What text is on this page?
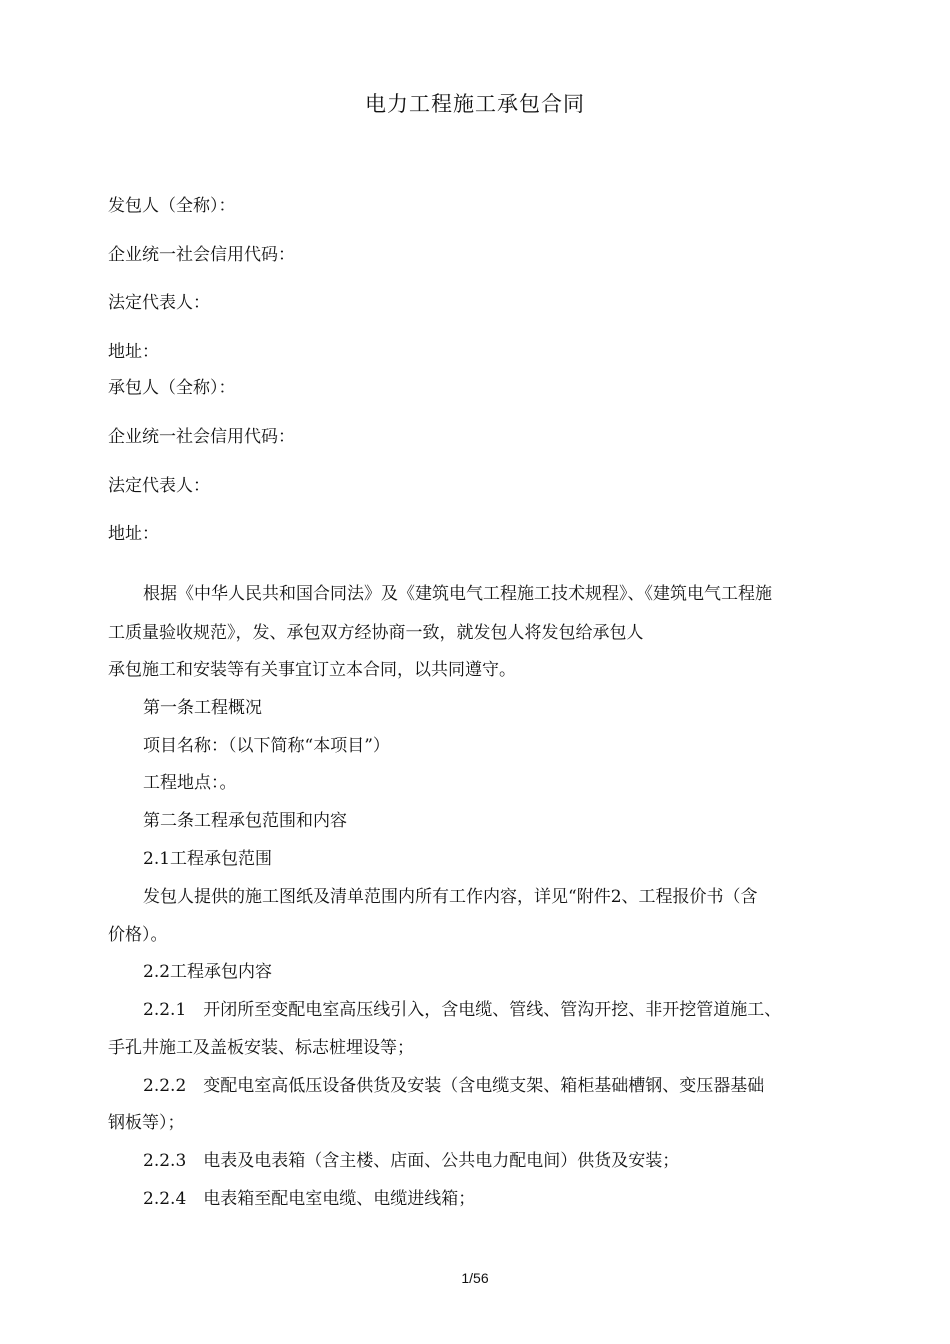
电力工程施工承包合同
发包人（全称）：
企业统一社会信用代码：
法定代表人：
地址：
承包人（全称）：
企业统一社会信用代码：
法定代表人：
地址：
根据《中华人民共和国合同法》及《建筑电气工程施工技术规程》、《建筑电气工程施
工质量验收规范》，发、承包双方经协商一致，就发包人将发包给承包人
承包施工和安装等有关事宜订立本合同，以共同遵守。
第一条工程概况
项目名称：（以下简称“本项目”）
工程地点：。
第二条工程承包范围和内容
2.1工程承包范围
发包人提供的施工图纸及清单范围内所有工作内容，详见“附件2、工程报价书（含
价格）。
2.2工程承包内容
2.2.1　开闭所至变配电室高压线引入，含电缆、管线、管沟开挖、非开挖管道施工、
手孔井施工及盖板安装、标志桩埋设等；
2.2.2　变配电室高低压设备供货及安装（含电缆支架、箱柜基础槽钢、变压器基础
钢板等）；
2.2.3　电表及电表箱（含主楼、店面、公共电力配电间）供货及安装；
2.2.4　电表箱至配电室电缆、电缆进线箱；
1/56
